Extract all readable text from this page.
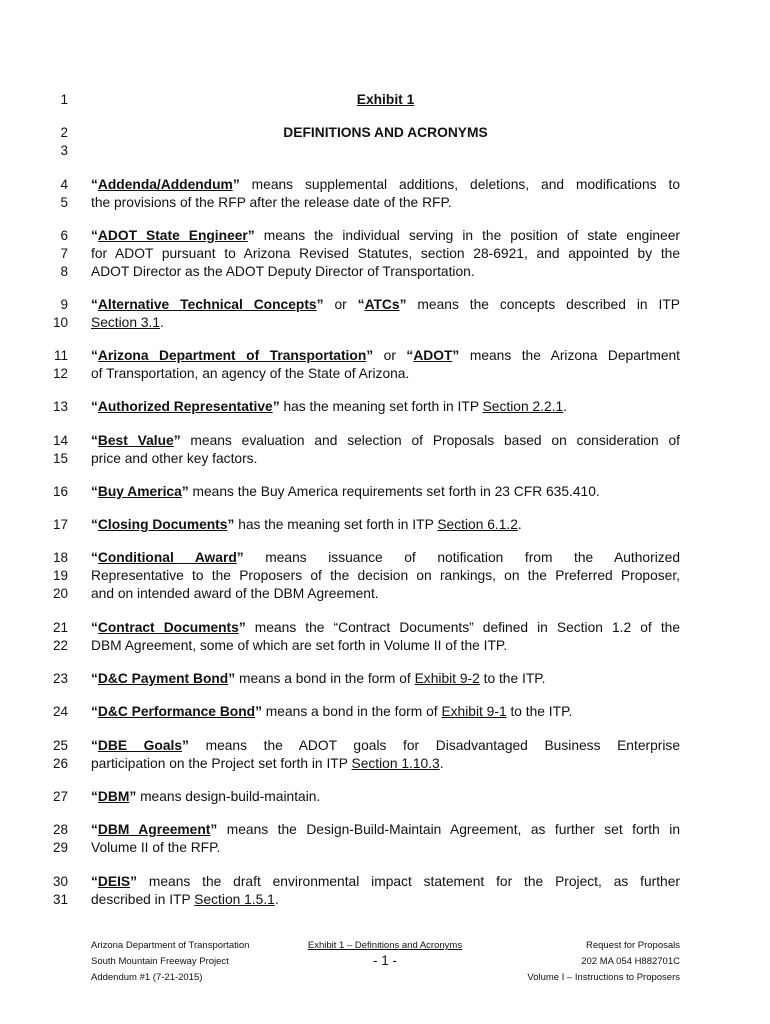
1	Exhibit 1
2	DEFINITIONS AND ACRONYMS
3
4 “Addenda/Addendum” means supplemental additions, deletions, and modifications to
5 the provisions of the RFP after the release date of the RFP.
6 “ADOT State Engineer” means the individual serving in the position of state engineer
7 for ADOT pursuant to Arizona Revised Statutes, section 28-6921, and appointed by the
8 ADOT Director as the ADOT Deputy Director of Transportation.
9 “Alternative Technical Concepts” or “ATCs” means the concepts described in ITP
10 Section 3.1.
11 “Arizona Department of Transportation” or “ADOT” means the Arizona Department
12 of Transportation, an agency of the State of Arizona.
13 “Authorized Representative” has the meaning set forth in ITP Section 2.2.1.
14 “Best Value” means evaluation and selection of Proposals based on consideration of
15 price and other key factors.
16 “Buy America” means the Buy America requirements set forth in 23 CFR 635.410.
17 “Closing Documents” has the meaning set forth in ITP Section 6.1.2.
18 “Conditional Award” means issuance of notification from the Authorized
19 Representative to the Proposers of the decision on rankings, on the Preferred Proposer,
20 and on intended award of the DBM Agreement.
21 “Contract Documents” means the “Contract Documents” defined in Section 1.2 of the
22 DBM Agreement, some of which are set forth in Volume II of the ITP.
23 “D&C Payment Bond” means a bond in the form of Exhibit 9-2 to the ITP.
24 “D&C Performance Bond” means a bond in the form of Exhibit 9-1 to the ITP.
25 “DBE Goals” means the ADOT goals for Disadvantaged Business Enterprise
26 participation on the Project set forth in ITP Section 1.10.3.
27 “DBM” means design-build-maintain.
28 “DBM Agreement” means the Design-Build-Maintain Agreement, as further set forth in
29 Volume II of the RFP.
30 “DEIS” means the draft environmental impact statement for the Project, as further
31 described in ITP Section 1.5.1.
Arizona Department of Transportation
South Mountain Freeway Project
Addendum #1 (7-21-2015)
Exhibit 1 – Definitions and Acronyms
- 1 -
Request for Proposals
202 MA 054 H882701C
Volume I – Instructions to Proposers
